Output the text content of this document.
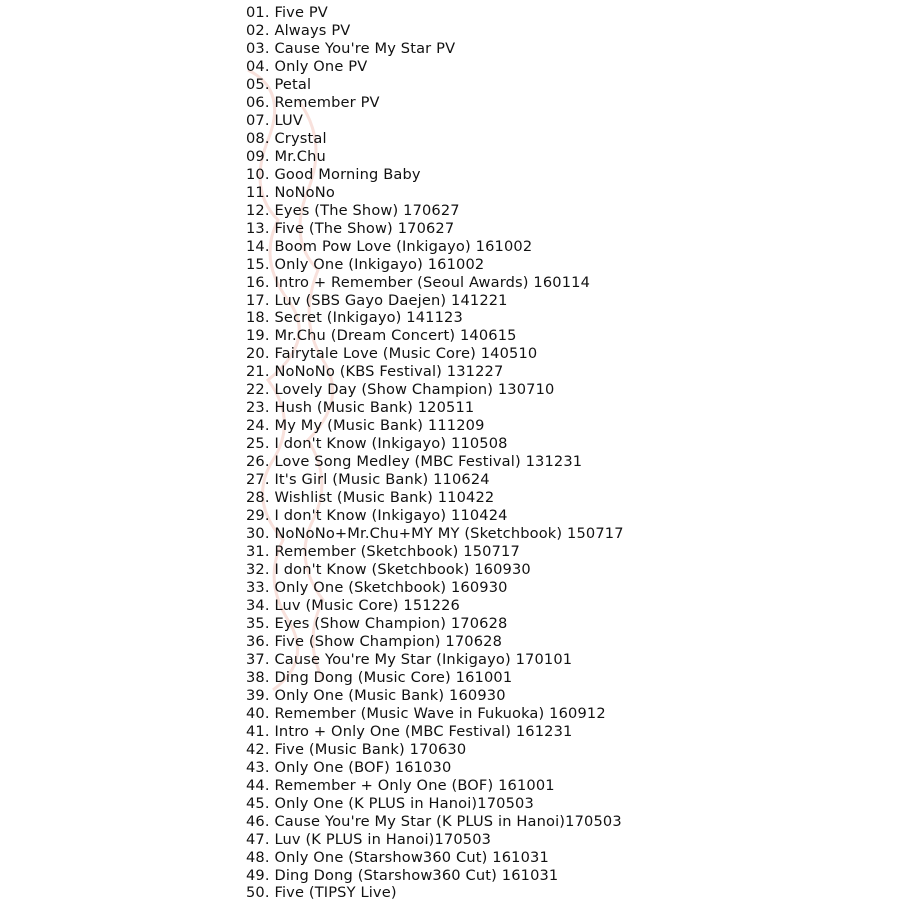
01. Five PV
02. Always PV
03. Cause You're My Star PV
04. Only One PV
05. Petal
06. Remember PV
07. LUV
08. Crystal
09. Mr.Chu
10. Good Morning Baby
11. NoNoNo
12. Eyes (The Show) 170627
13. Five (The Show) 170627
14. Boom Pow Love (Inkigayo) 161002
15. Only One (Inkigayo) 161002
16. Intro + Remember (Seoul Awards) 160114
17. Luv (SBS Gayo Daejen) 141221
18. Secret (Inkigayo) 141123
19. Mr.Chu (Dream Concert) 140615
20. Fairytale Love (Music Core) 140510
21. NoNoNo (KBS Festival) 131227
22. Lovely Day (Show Champion) 130710
23. Hush (Music Bank) 120511
24. My My (Music Bank) 111209
25. I don't Know (Inkigayo) 110508
26. Love Song Medley (MBC Festival) 131231
27. It's Girl (Music Bank) 110624
28. Wishlist (Music Bank) 110422
29. I don't Know (Inkigayo) 110424
30. NoNoNo+Mr.Chu+MY MY (Sketchbook) 150717
31. Remember (Sketchbook) 150717
32. I don't Know (Sketchbook) 160930
33. Only One (Sketchbook) 160930
34. Luv (Music Core) 151226
35. Eyes (Show Champion) 170628
36. Five (Show Champion) 170628
37. Cause You're My Star (Inkigayo) 170101
38. Ding Dong (Music Core) 161001
39. Only One (Music Bank) 160930
40. Remember (Music Wave in Fukuoka) 160912
41. Intro + Only One (MBC Festival) 161231
42. Five (Music Bank) 170630
43. Only One (BOF) 161030
44. Remember + Only One (BOF) 161001
45. Only One (K PLUS in Hanoi)170503
46. Cause You're My Star (K PLUS in Hanoi)170503
47. Luv (K PLUS in Hanoi)170503
48. Only One (Starshow360 Cut) 161031
49. Ding Dong (Starshow360 Cut) 161031
50. Five (TIPSY Live)
